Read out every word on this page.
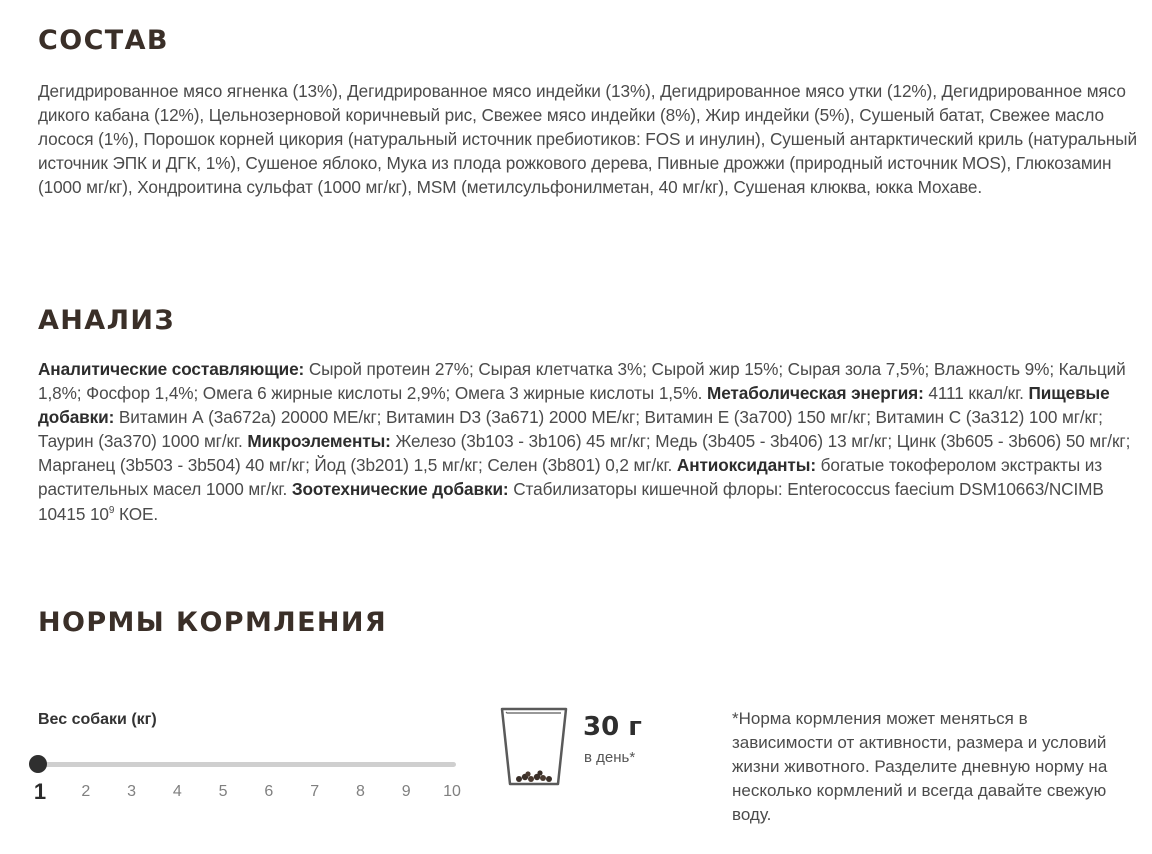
СОСТАВ

Дегидрированное мясо ягненка (13%), Дегидрированное мясо индейки (13%), Дегидрированное мясо утки (12%), Дегидрированное мясо дикого кабана (12%), Цельнозерновой коричневый рис, Свежее мясо индейки (8%), Жир индейки (5%), Сушеный батат, Свежее масло лосося (1%), Порошок корней цикория (натуральный источник пребиотиков: FOS и инулин), Сушеный антарктический криль (натуральный источник ЭПК и ДГК, 1%), Сушеное яблоко, Мука из плода рожкового дерева, Пивные дрожжи (природный источник MOS), Глюкозамин (1000 мг/кг), Хондроитина сульфат (1000 мг/кг), MSM (метилсульфонилметан, 40 мг/кг), Сушеная клюква, юкка Мохаве.

АНАЛИЗ

Аналитические составляющие: Сырой протеин 27%; Сырая клетчатка 3%; Сырой жир 15%; Сырая зола 7,5%; Влажность 9%; Кальций 1,8%; Фосфор 1,4%; Омега 6 жирные кислоты 2,9%; Омега 3 жирные кислоты 1,5%. Метаболическая энергия: 4111 ккал/кг. Пищевые добавки: Витамин А (3а672а) 20000 МЕ/кг; Витамин D3 (3а671) 2000 МЕ/кг; Витамин Е (3а700) 150 мг/кг; Витамин С (3а312) 100 мг/кг; Таурин (3а370) 1000 мг/кг. Микроэлементы: Железо (3b103 - 3b106) 45 мг/кг; Медь (3b405 - 3b406) 13 мг/кг; Цинк (3b605 - 3b606) 50 мг/кг; Марганец (3b503 - 3b504) 40 мг/кг; Йод (3b201) 1,5 мг/кг; Селен (3b801) 0,2 мг/кг. Антиоксиданты: богатые токоферолом экстракты из растительных масел 1000 мг/кг. Зоотехнические добавки: Стабилизаторы кишечной флоры: Enterococcus faecium DSM10663/NCIMB 10415 $10^9$ КОЕ.

НОРМЫ КОРМЛЕНИЯ
Вес собаки (кг)
1	2	3	4	5	6	7	8	9	10
30 г
в день*

*Норма кормления может меняться в зависимости от активности, размера и условий жизни животного. Разделите дневную норму на несколько кормлений и всегда давайте свежую воду.
